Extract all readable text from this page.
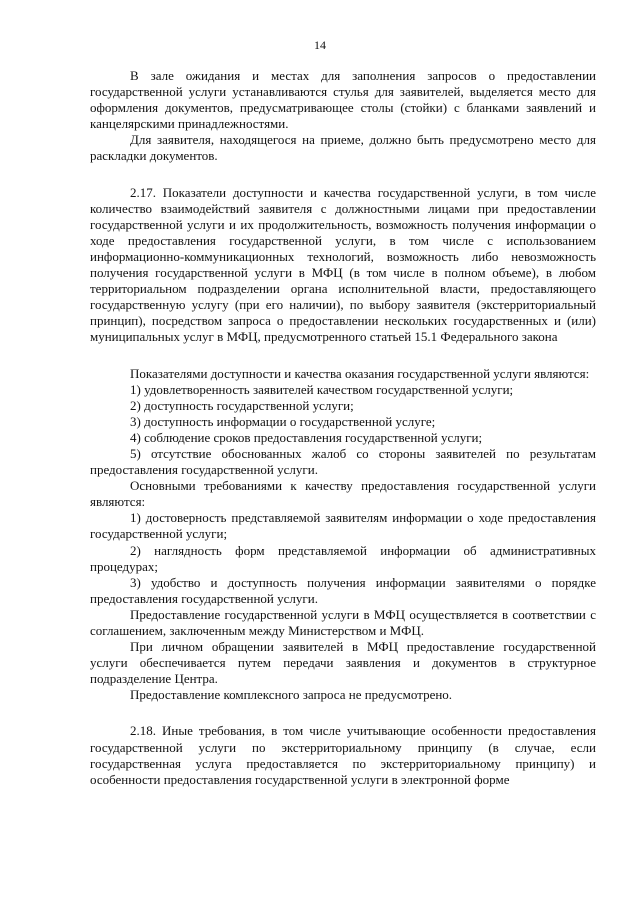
14

В зале ожидания и местах для заполнения запросов о предоставлении государственной услуги устанавливаются стулья для заявителей, выделяется место для оформления документов, предусматривающее столы (стойки) с бланками заявлений и канцелярскими принадлежностями.

Для заявителя, находящегося на приеме, должно быть предусмотрено место для раскладки документов.

2.17. Показатели доступности и качества государственной услуги, в том числе количество взаимодействий заявителя с должностными лицами при предоставлении государственной услуги и их продолжительность, возможность получения информации о ходе предоставления государственной услуги, в том числе с использованием информационно-коммуникационных технологий, возможность либо невозможность получения государственной услуги в МФЦ (в том числе в полном объеме), в любом территориальном подразделении органа исполнительной власти, предоставляющего государственную услугу (при его наличии), по выбору заявителя (экстерриториальный принцип), посредством запроса о предоставлении нескольких государственных и (или) муниципальных услуг в МФЦ, предусмотренного статьей 15.1 Федерального закона

Показателями доступности и качества оказания государственной услуги являются:

1) удовлетворенность заявителей качеством государственной услуги;

2) доступность государственной услуги;

3) доступность информации о государственной услуге;

4) соблюдение сроков предоставления государственной услуги;

5) отсутствие обоснованных жалоб со стороны заявителей по результатам предоставления государственной услуги.

Основными требованиями к качеству предоставления государственной услуги являются:

1) достоверность представляемой заявителям информации о ходе предоставления государственной услуги;

2) наглядность форм представляемой информации об административных процедурах;

3) удобство и доступность получения информации заявителями о порядке предоставления государственной услуги.

Предоставление государственной услуги в МФЦ осуществляется в соответствии с соглашением, заключенным между Министерством и МФЦ.

При личном обращении заявителей в МФЦ предоставление государственной услуги обеспечивается путем передачи заявления и документов в структурное подразделение Центра.

Предоставление комплексного запроса не предусмотрено.

2.18. Иные требования, в том числе учитывающие особенности предоставления государственной услуги по экстерриториальному принципу (в случае, если государственная услуга предоставляется по экстерриториальному принципу) и особенности предоставления государственной услуги в электронной форме
